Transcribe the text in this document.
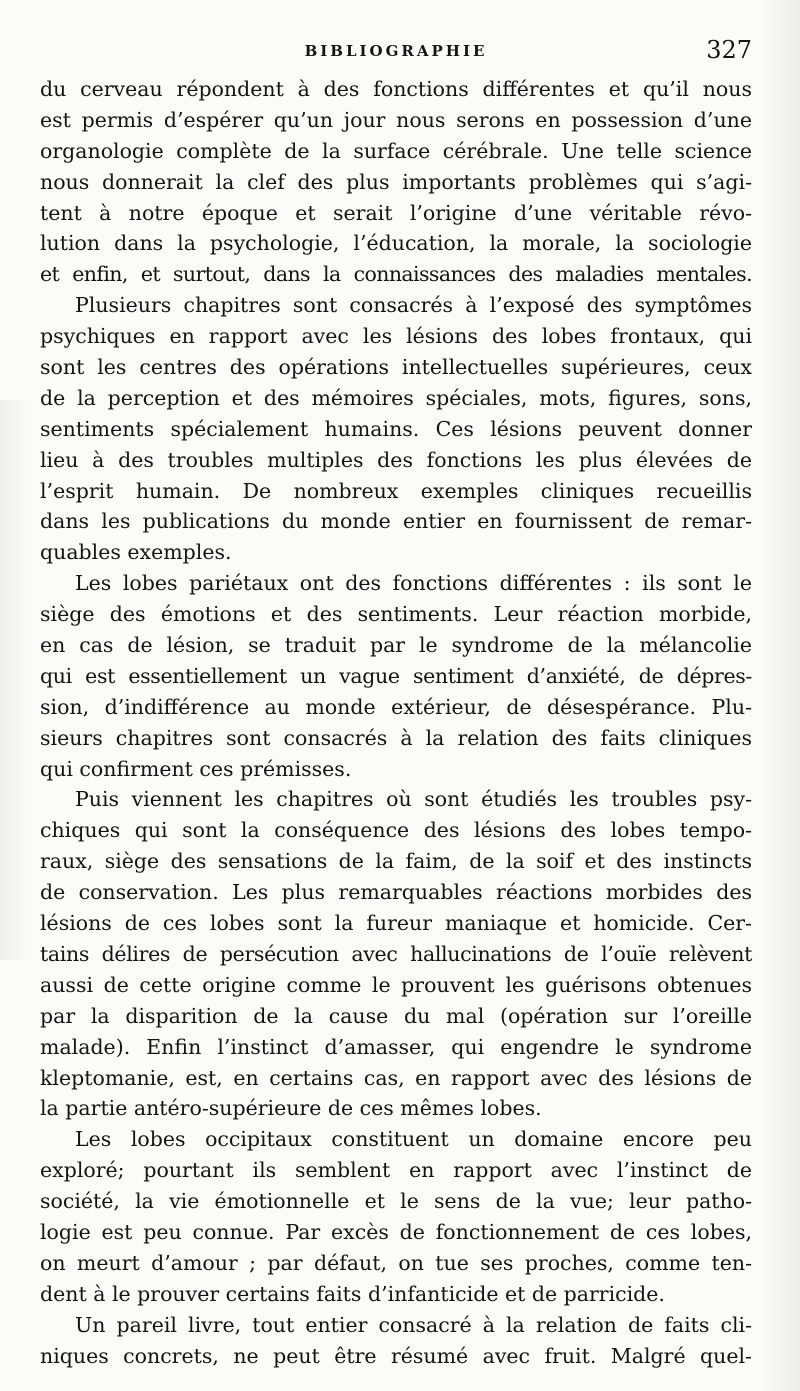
BIBLIOGRAPHIE	327
du cerveau répondent à des fonctions différentes et qu’il nous
est permis d’espérer qu’un jour nous serons en possession d’une
organologie complète de la surface cérébrale. Une telle science
nous donnerait la clef des plus importants problèmes qui s’agi-
tent à notre époque et serait l’origine d’une véritable révo-
lution dans la psychologie, l’éducation, la morale, la sociologie
et enfin, et surtout, dans la connaissances des maladies mentales.
Plusieurs chapitres sont consacrés à l’exposé des symptômes
psychiques en rapport avec les lésions des lobes frontaux, qui
sont les centres des opérations intellectuelles supérieures, ceux
de la perception et des mémoires spéciales, mots, figures, sons,
sentiments spécialement humains. Ces lésions peuvent donner
lieu à des troubles multiples des fonctions les plus élevées de
l’esprit humain. De nombreux exemples cliniques recueillis
dans les publications du monde entier en fournissent de remar-
quables exemples.
Les lobes pariétaux ont des fonctions différentes : ils sont le
siège des émotions et des sentiments. Leur réaction morbide,
en cas de lésion, se traduit par le syndrome de la mélancolie
qui est essentiellement un vague sentiment d’anxiété, de dépres-
sion, d’indifférence au monde extérieur, de désespérance. Plu-
sieurs chapitres sont consacrés à la relation des faits cliniques
qui confirment ces prémisses.
Puis viennent les chapitres où sont étudiés les troubles psy-
chiques qui sont la conséquence des lésions des lobes tempo-
raux, siège des sensations de la faim, de la soif et des instincts
de conservation. Les plus remarquables réactions morbides des
lésions de ces lobes sont la fureur maniaque et homicide. Cer-
tains délires de persécution avec hallucinations de l’ouïe relèvent
aussi de cette origine comme le prouvent les guérisons obtenues
par la disparition de la cause du mal (opération sur l’oreille
malade). Enfin l’instinct d’amasser, qui engendre le syndrome
kleptomanie, est, en certains cas, en rapport avec des lésions de
la partie antéro-supérieure de ces mêmes lobes.
Les lobes occipitaux constituent un domaine encore peu
exploré; pourtant ils semblent en rapport avec l’instinct de
société, la vie émotionnelle et le sens de la vue; leur patho-
logie est peu connue. Par excès de fonctionnement de ces lobes,
on meurt d’amour ; par défaut, on tue ses proches, comme ten-
dent à le prouver certains faits d’infanticide et de parricide.
Un pareil livre, tout entier consacré à la relation de faits cli-
niques concrets, ne peut être résumé avec fruit. Malgré quel-
